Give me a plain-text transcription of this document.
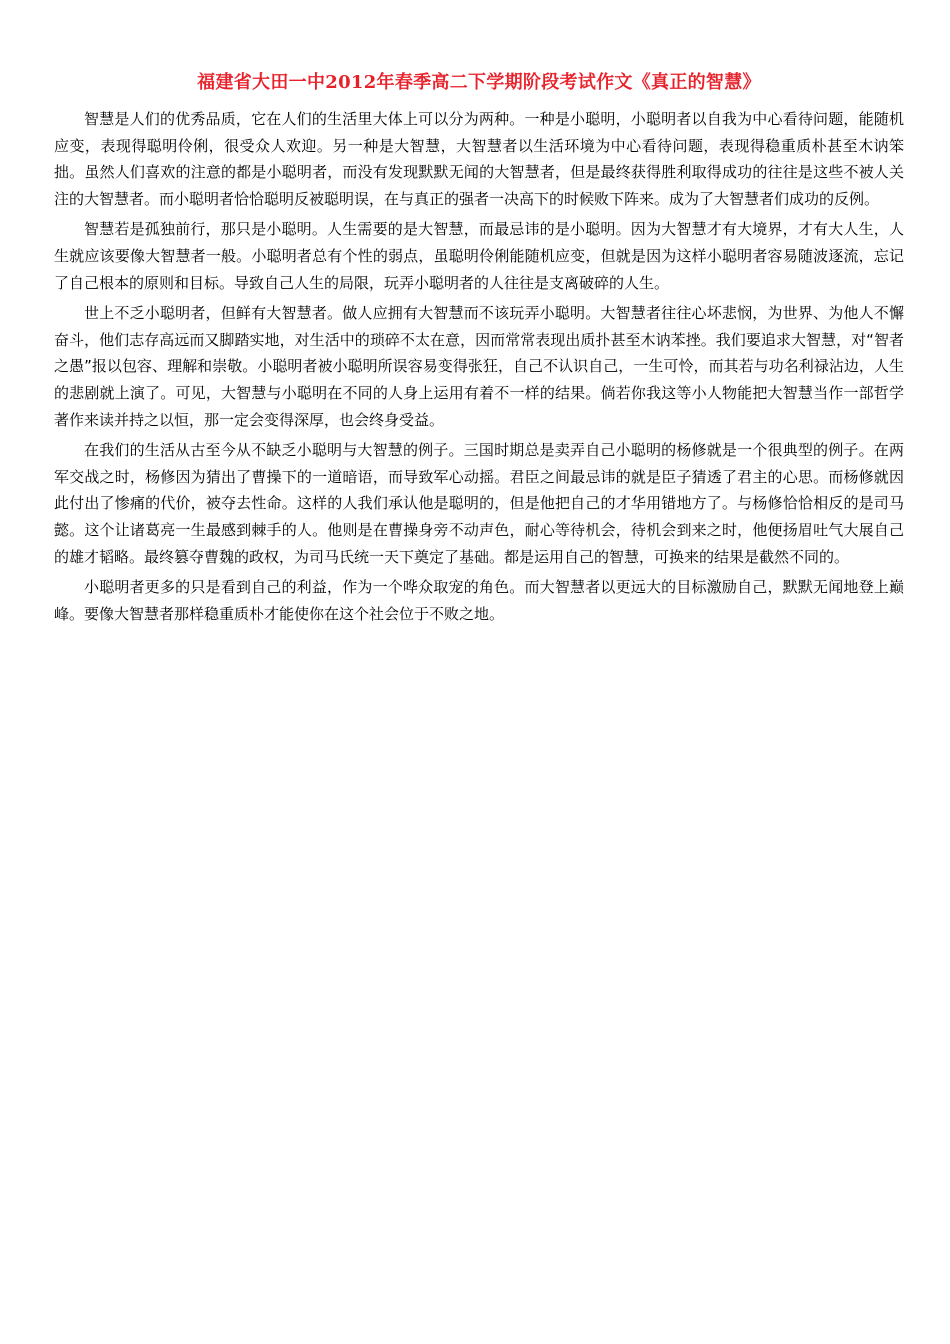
福建省大田一中2012年春季高二下学期阶段考试作文《真正的智慧》

智慧是人们的优秀品质，它在人们的生活里大体上可以分为两种。一种是小聪明，小聪明者以自我为中心看待问题，能随机应变，表现得聪明伶俐，很受众人欢迎。另一种是大智慧，大智慧者以生活环境为中心看待问题，表现得稳重质朴甚至木讷笨拙。虽然人们喜欢的注意的都是小聪明者，而没有发现默默无闻的大智慧者，但是最终获得胜利取得成功的往往是这些不被人关注的大智慧者。而小聪明者恰恰聪明反被聪明误，在与真正的强者一决高下的时候败下阵来。成为了大智慧者们成功的反例。

智慧若是孤独前行，那只是小聪明。人生需要的是大智慧，而最忌讳的是小聪明。因为大智慧才有大境界，才有大人生，人生就应该要像大智慧者一般。小聪明者总有个性的弱点，虽聪明伶俐能随机应变，但就是因为这样小聪明者容易随波逐流，忘记了自己根本的原则和目标。导致自己人生的局限，玩弄小聪明者的人往往是支离破碎的人生。

世上不乏小聪明者，但鲜有大智慧者。做人应拥有大智慧而不该玩弄小聪明。大智慧者往往心坏悲悯，为世界、为他人不懈奋斗，他们志存高远而又脚踏实地，对生活中的琐碎不太在意，因而常常表现出质扑甚至木讷苯挫。我们要追求大智慧，对“智者之愚”报以包容、理解和崇敬。小聪明者被小聪明所误容易变得张狂，自己不认识自己，一生可怜，而其若与功名利禄沾边，人生的悲剧就上演了。可见，大智慧与小聪明在不同的人身上运用有着不一样的结果。倘若你我这等小人物能把大智慧当作一部哲学著作来读并持之以恒，那一定会变得深厚，也会终身受益。

在我们的生活从古至今从不缺乏小聪明与大智慧的例子。三国时期总是卖弄自己小聪明的杨修就是一个很典型的例子。在两军交战之时，杨修因为猜出了曹操下的一道暗语，而导致军心动摇。君臣之间最忌讳的就是臣子猜透了君主的心思。而杨修就因此付出了惨痛的代价，被夺去性命。这样的人我们承认他是聪明的，但是他把自己的才华用错地方了。与杨修恰恰相反的是司马懿。这个让诸葛亮一生最感到棘手的人。他则是在曹操身旁不动声色，耐心等待机会，待机会到来之时，他便扬眉吐气大展自己的雄才韬略。最终篡夺曹魏的政权，为司马氏统一天下奠定了基础。都是运用自己的智慧，可换来的结果是截然不同的。

小聪明者更多的只是看到自己的利益，作为一个哗众取宠的角色。而大智慧者以更远大的目标激励自己，默默无闻地登上巅峰。要像大智慧者那样稳重质朴才能使你在这个社会位于不败之地。
